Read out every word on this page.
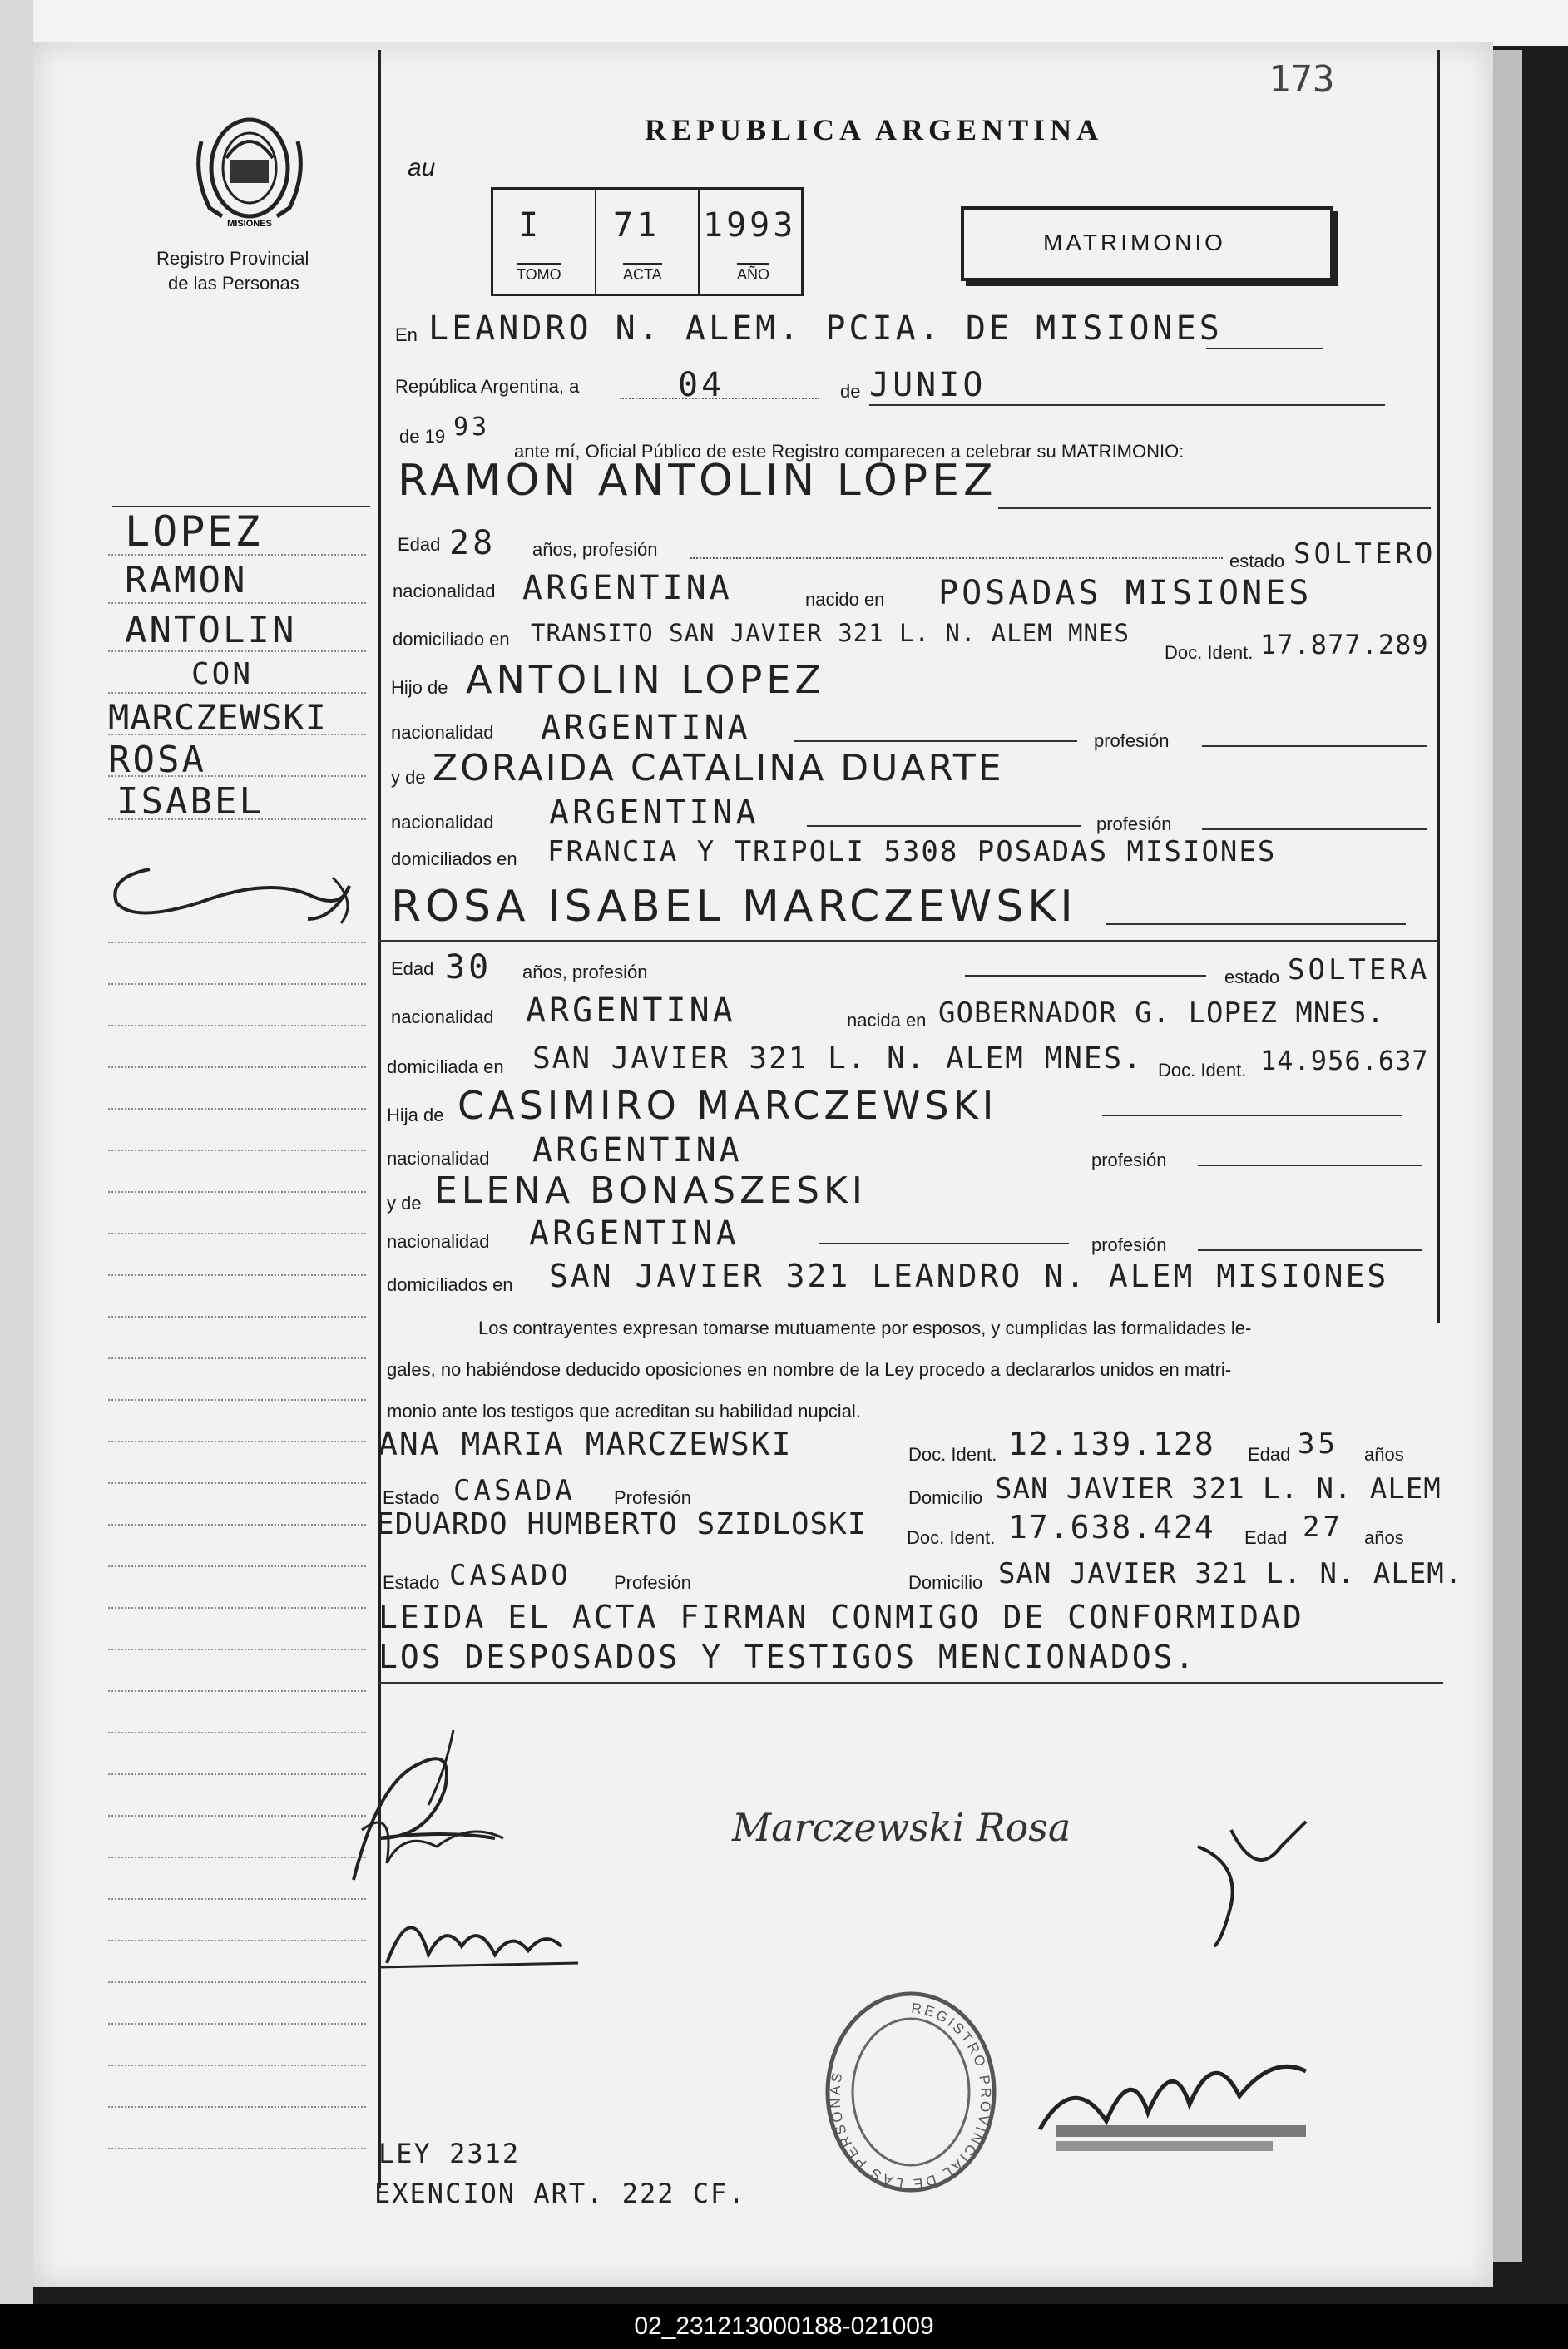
173
MISIONES
Registro Provincial
de las Personas
REPUBLICA ARGENTINA
au
I
TOMO
71
ACTA
1993
AÑO
MATRIMONIO
En LEANDRO N. ALEM. PCIA. DE MISIONES
República Argentina, a	04	de JUNIO
de 19 93
ante mí, Oficial Público de este Registro comparecen a celebrar su MATRIMONIO:
RAMON ANTOLIN LOPEZ
Edad 28 años, profesión
estado SOLTERO
nacionalidad ARGENTINA	nacido en POSADAS MISIONES
domiciliado en TRANSITO SAN JAVIER 321 L. N. ALEM MNES
Doc. Ident. 17.877.289
Hijo de ANTOLIN LOPEZ
nacionalidad ARGENTINA	profesión
y de ZORAIDA CATALINA DUARTE
nacionalidad ARGENTINA	profesión
domiciliados en FRANCIA Y TRIPOLI 5308 POSADAS MISIONES
ROSA ISABEL MARCZEWSKI
Edad 30 años, profesión	estado SOLTERA
nacionalidad ARGENTINA	nacida en GOBERNADOR G. LOPEZ MNES.
domiciliada en SAN JAVIER 321 L. N. ALEM MNES. Doc. Ident. 14.956.637
Hija de CASIMIRO MARCZEWSKI
nacionalidad ARGENTINA	profesión
y de ELENA BONASZESKI
nacionalidad ARGENTINA	profesión
domiciliados en SAN JAVIER 321 LEANDRO N. ALEM MISIONES
Los contrayentes expresan tomarse mutuamente por esposos, y cumplidas las formalidades le-
gales, no habiéndose deducido oposiciones en nombre de la Ley procedo a declararlos unidos en matri-
monio ante los testigos que acreditan su habilidad nupcial.
ANA MARIA MARCZEWSKI	Doc. Ident. 12.139.128 Edad 35 años
Estado CASADA Profesión	Domicilio SAN JAVIER 321 L. N. ALEM
EDUARDO HUMBERTO SZIDLOSKI Doc. Ident. 17.638.424 Edad 27 años
Estado CASADO Profesión	Domicilio SAN JAVIER 321 L. N. ALEM.
LEIDA EL ACTA FIRMAN CONMIGO DE CONFORMIDAD
LOS DESPOSADOS Y TESTIGOS MENCIONADOS.
Marczewski Rosa
REGISTRO PROVINCIAL DE LAS PERSONAS
LEY 2312
EXENCION ART. 222 CF.
LOPEZ
RAMON
ANTOLIN
CON
MARCZEWSKI
ROSA
ISABEL
02_231213000188-021009
